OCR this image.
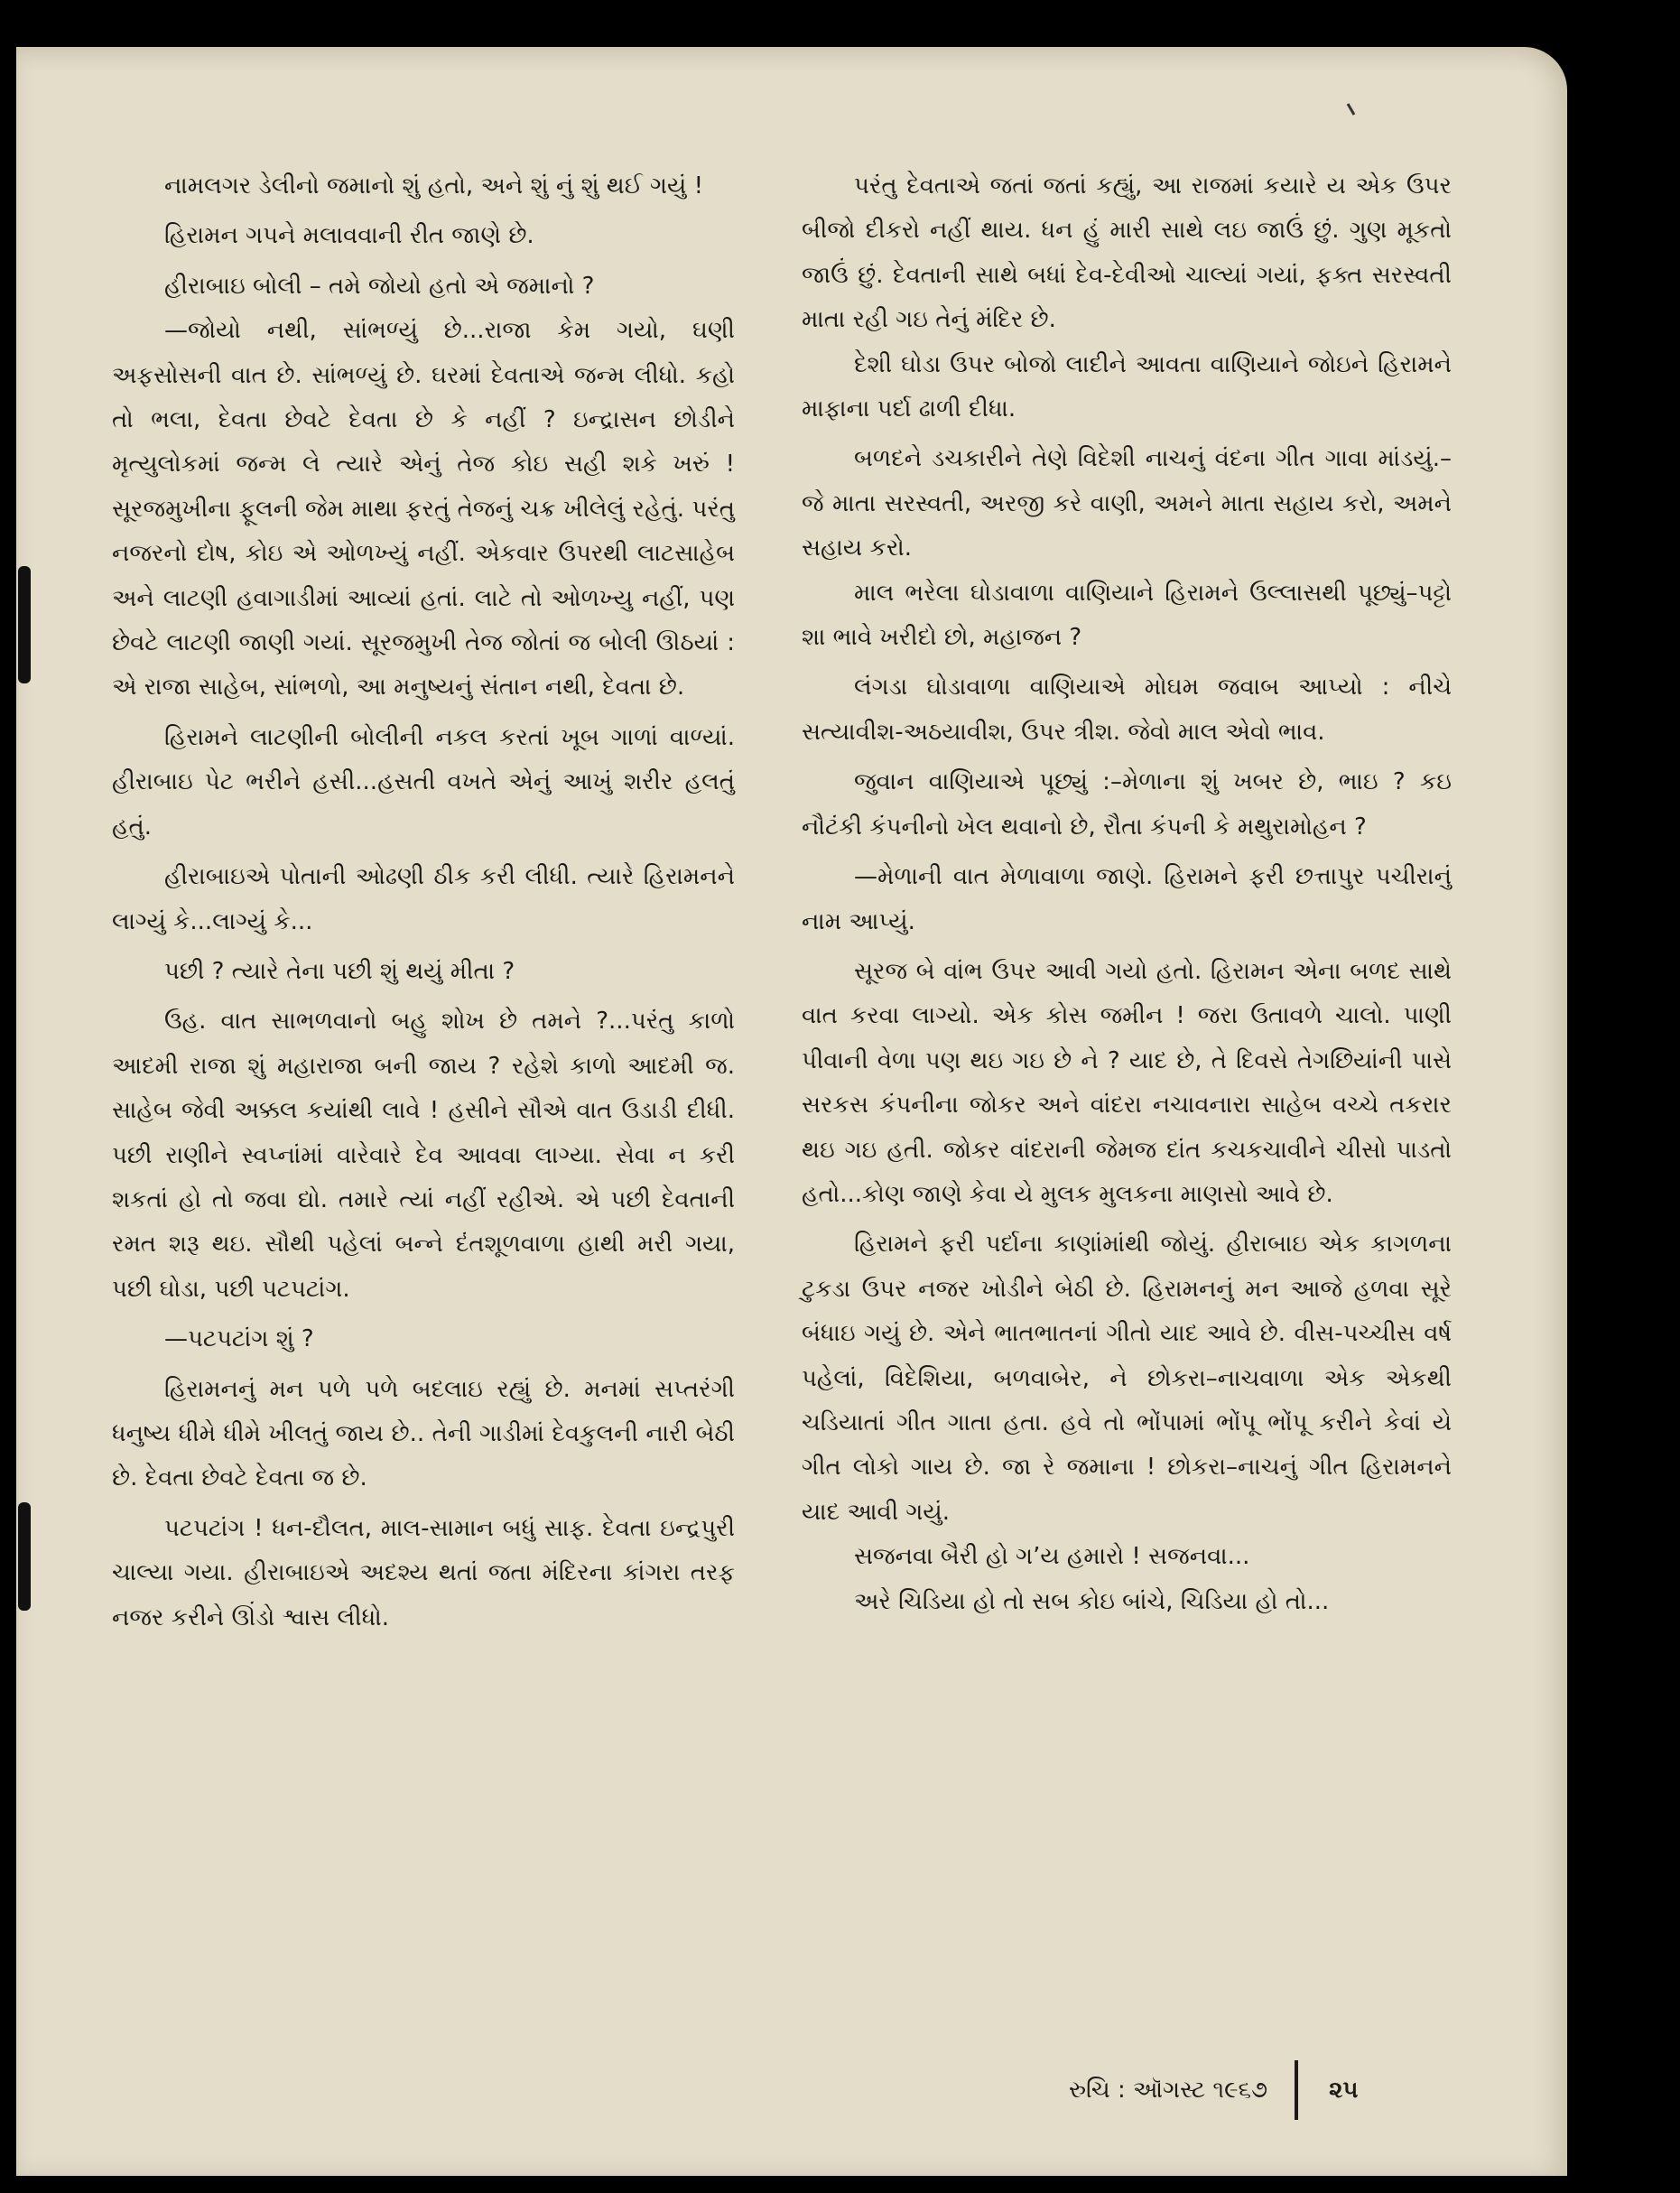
નામલગર ડેલીનો જમાનો શું હતો, અને શું નું શું થઈ ગયું !

હિરામન ગપને મલાવવાની રીત જાણે છે.

હીરાબાઇ બોલી – તમે જોયો હતો એ જમાનો ?

—જોયો નથી, સાંભળ્યું છે...રાજા કેમ ગયો, ઘણી અફસોસની વાત છે. સાંભળ્યું છે. ઘરમાં દેવતાએ જન્મ લીધો. કહો તો ભલા, દેવતા છેવટે દેવતા છે કે નહીં ? ઇન્દ્રાસન છોડીને મૃત્યુલોકમાં જન્મ લે ત્યારે એનું તેજ કોઇ સહી શકે ખરું ! સૂરજમુખીના ફૂલની જેમ માથા ફરતું તેજનું ચક્ર ખીલેલું રહેતું. પરંતુ નજરનો દોષ, કોઇ એ ઓળખ્યું નહીં. એકવાર ઉપરથી લાટસાહેબ અને લાટણી હવાગાડીમાં આવ્યાં હતાં. લાટે તો ઓળખ્યુ નહીં, પણ છેવટે લાટણી જાણી ગયાં. સૂરજમુખી તેજ જોતાં જ બોલી ઊઠયાં : એ રાજા સાહેબ, સાંભળો, આ મનુષ્યનું સંતાન નથી, દેવતા છે.

હિરામને લાટણીની બોલીની નકલ કરતાં ખૂબ ગાળાં વાળ્યાં. હીરાબાઇ પેટ ભરીને હસી...હસતી વખતે એનું આખું શરીર હલતું હતું.

હીરાબાઇએ પોતાની ઓઢણી ઠીક કરી લીધી. ત્યારે હિરામનને લાગ્યું કે...લાગ્યું કે...

પછી ? ત્યારે તેના પછી શું થયું મીતા ?

ઉહ. વાત સાભળવાનો બહુ શોખ છે તમને ?...પરંતુ કાળો આદમી રાજા શું મહારાજા બની જાય ? રહેશે કાળો આદમી જ. સાહેબ જેવી અક્કલ કયાંથી લાવે ! હસીને સૌએ વાત ઉડાડી દીધી. પછી રાણીને સ્વપ્નાંમાં વારેવારે દેવ આવવા લાગ્યા. સેવા ન કરી શકતાં હો તો જવા દ્યો. તમારે ત્યાં નહીં રહીએ. એ પછી દેવતાની રમત શરૂ થઇ. સૌથી પહેલાં બન્ને દંતશૂળવાળા હાથી મરી ગયા, પછી ઘોડા, પછી પટપટાંગ.

—પટપટાંગ શું ?

હિરામનનું મન પળે પળે બદલાઇ રહ્યું છે. મનમાં સપ્તરંગી ધનુષ્ય ધીમે ધીમે ખીલતું જાય છે.. તેની ગાડીમાં દેવકુલની નારી બેઠી છે. દેવતા છેવટે દેવતા જ છે.

પટપટાંગ ! ધન-દૌલત, માલ-સામાન બધું સાફ. દેવતા ઇન્દ્રપુરી ચાલ્યા ગયા. હીરાબાઇએ અદશ્ય થતાં જતા મંદિરના કાંગરા તરફ નજર કરીને ઊંડો શ્વાસ લીધો.

પરંતુ દેવતાએ જતાં જતાં કહ્યું, આ રાજમાં કયારે ય એક ઉપર બીજો દીકરો નહીં થાય. ધન હું મારી સાથે લઇ જાઉં છું. ગુણ મૂકતો જાઉં છું. દેવતાની સાથે બધાં દેવ-દેવીઓ ચાલ્યાં ગયાં, ફક્ત સરસ્વતી માતા રહી ગઇ તેનું મંદિર છે.

દેશી ઘોડા ઉપર બોજો લાદીને આવતા વાણિયાને જોઇને હિરામને માફાના પર્દા ઢાળી દીધા.

બળદને ડચકારીને તેણે વિદેશી નાચનું વંદના ગીત ગાવા માંડયું.–જે માતા સરસ્વતી, અરજી કરે વાણી, અમને માતા સહાય કરો, અમને સહાય કરો.

માલ ભરેલા ઘોડાવાળા વાણિયાને હિરામને ઉલ્લાસથી પૂછ્યું–પટ્ટો શા ભાવે ખરીદો છો, મહાજન ?

લંગડા ઘોડાવાળા વાણિયાએ મોઘમ જવાબ આપ્યો : નીચે સત્યાવીશ-અઠયાવીશ, ઉપર ત્રીશ. જેવો માલ એવો ભાવ.

જુવાન વાણિયાએ પૂછ્યું :–મેળાના શું ખબર છે, ભાઇ ? કઇ નૌટંકી કંપનીનો ખેલ થવાનો છે, રૌતા કંપની કે મથુરામોહન ?

—મેળાની વાત મેળાવાળા જાણે. હિરામને ફરી છત્તાપુર પચીરાનું નામ આપ્યું.

સૂરજ બે વાંભ ઉપર આવી ગયો હતો. હિરામન એના બળદ સાથે વાત કરવા લાગ્યો. એક કોસ જમીન ! જરા ઉતાવળે ચાલો. પાણી પીવાની વેળા પણ થઇ ગઇ છે ને ? યાદ છે, તે દિવસે તેગછિયાંની પાસે સરકસ કંપનીના જોકર અને વાંદરા નચાવનારા સાહેબ વચ્ચે તકરાર થઇ ગઇ હતી. જોકર વાંદરાની જેમજ દાંત કચકચાવીને ચીસો પાડતો હતો...કોણ જાણે કેવા યે મુલક મુલકના માણસો આવે છે.

હિરામને ફરી પર્દાના કાણાંમાંથી જોયું. હીરાબાઇ એક કાગળના ટુકડા ઉપર નજર ખોડીને બેઠી છે. હિરામનનું મન આજે હળવા સૂરે બંધાઇ ગયું છે. એને ભાતભાતનાં ગીતો યાદ આવે છે. વીસ-પચ્ચીસ વર્ષ પહેલાં, વિદેશિયા, બળવાબેર, ને છોકરા–નાચવાળા એક એકથી ચડિયાતાં ગીત ગાતા હતા. હવે તો ભોંપામાં ભોંપૂ ભોંપૂ કરીને કેવાં યે ગીત લોકો ગાય છે. જા રે જમાના ! છોકરા–નાચનું ગીત હિરામનને યાદ આવી ગયું.

સજનવા બૈરી હો ગ’ય હમારો ! સજનવા...

અરે ચિડિયા હો તો સબ કોઇ બાંચે, ચિડિયા હો તો...

રુચિ : ઑગસ્ટ ૧૯૬૭	૨૫
